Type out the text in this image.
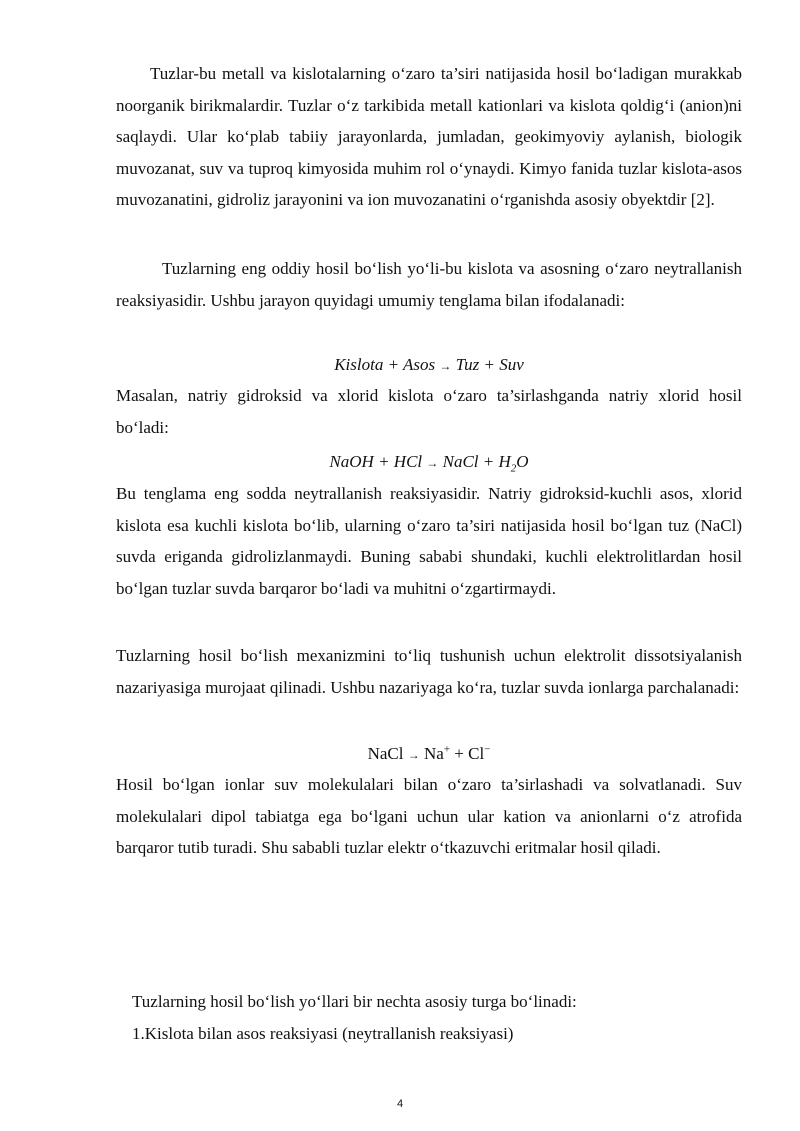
Tuzlar-bu metall va kislotalarning o‘zaro ta’siri natijasida hosil bo‘ladigan murakkab noorganik birikmalardir. Tuzlar o‘z tarkibida metall kationlari va kislota qoldig‘i (anion)ni saqlaydi. Ular ko‘plab tabiiy jarayonlarda, jumladan, geokimyoviy aylanish, biologik muvozanat, suv va tuproq kimyosida muhim rol o‘ynaydi. Kimyo fanida tuzlar kislota-asos muvozanatini, gidroliz jarayonini va ion muvozanatini o‘rganishda asosiy obyektdir [2].

Tuzlarning eng oddiy hosil bo‘lish yo‘li-bu kislota va asosning o‘zaro neytrallanish reaksiyasidir. Ushbu jarayon quyidagi umumiy tenglama bilan ifodalanadi:

Kislota + Asos → Tuz + Suv

Masalan, natriy gidroksid va xlorid kislota o‘zaro ta’sirlashganda natriy xlorid hosil bo‘ladi:

NaOH + HCl → NaCl + $H_2O$

Bu tenglama eng sodda neytrallanish reaksiyasidir. Natriy gidroksid-kuchli asos, xlorid kislota esa kuchli kislota bo‘lib, ularning o‘zaro ta’siri natijasida hosil bo‘lgan tuz (NaCl) suvda eriganda gidrolizlanmaydi. Buning sababi shundaki, kuchli elektrolitlardan hosil bo‘lgan tuzlar suvda barqaror bo‘ladi va muhitni o‘zgartirmaydi.

Tuzlarning hosil bo‘lish mexanizmini to‘liq tushunish uchun elektrolit dissotsiyalanish nazariyasiga murojaat qilinadi. Ushbu nazariyaga ko‘ra, tuzlar suvda ionlarga parchalanadi:

NaCl → Na+ + Cl−

Hosil bo‘lgan ionlar suv molekulalari bilan o‘zaro ta’sirlashadi va solvatlanadi. Suv molekulalari dipol tabiatga ega bo‘lgani uchun ular kation va anionlarni o‘z atrofida barqaror tutib turadi. Shu sababli tuzlar elektr o‘tkazuvchi eritmalar hosil qiladi.

Tuzlarning hosil bo‘lish yo‘llari bir nechta asosiy turga bo‘linadi:

1.Kislota bilan asos reaksiyasi (neytrallanish reaksiyasi)

4
